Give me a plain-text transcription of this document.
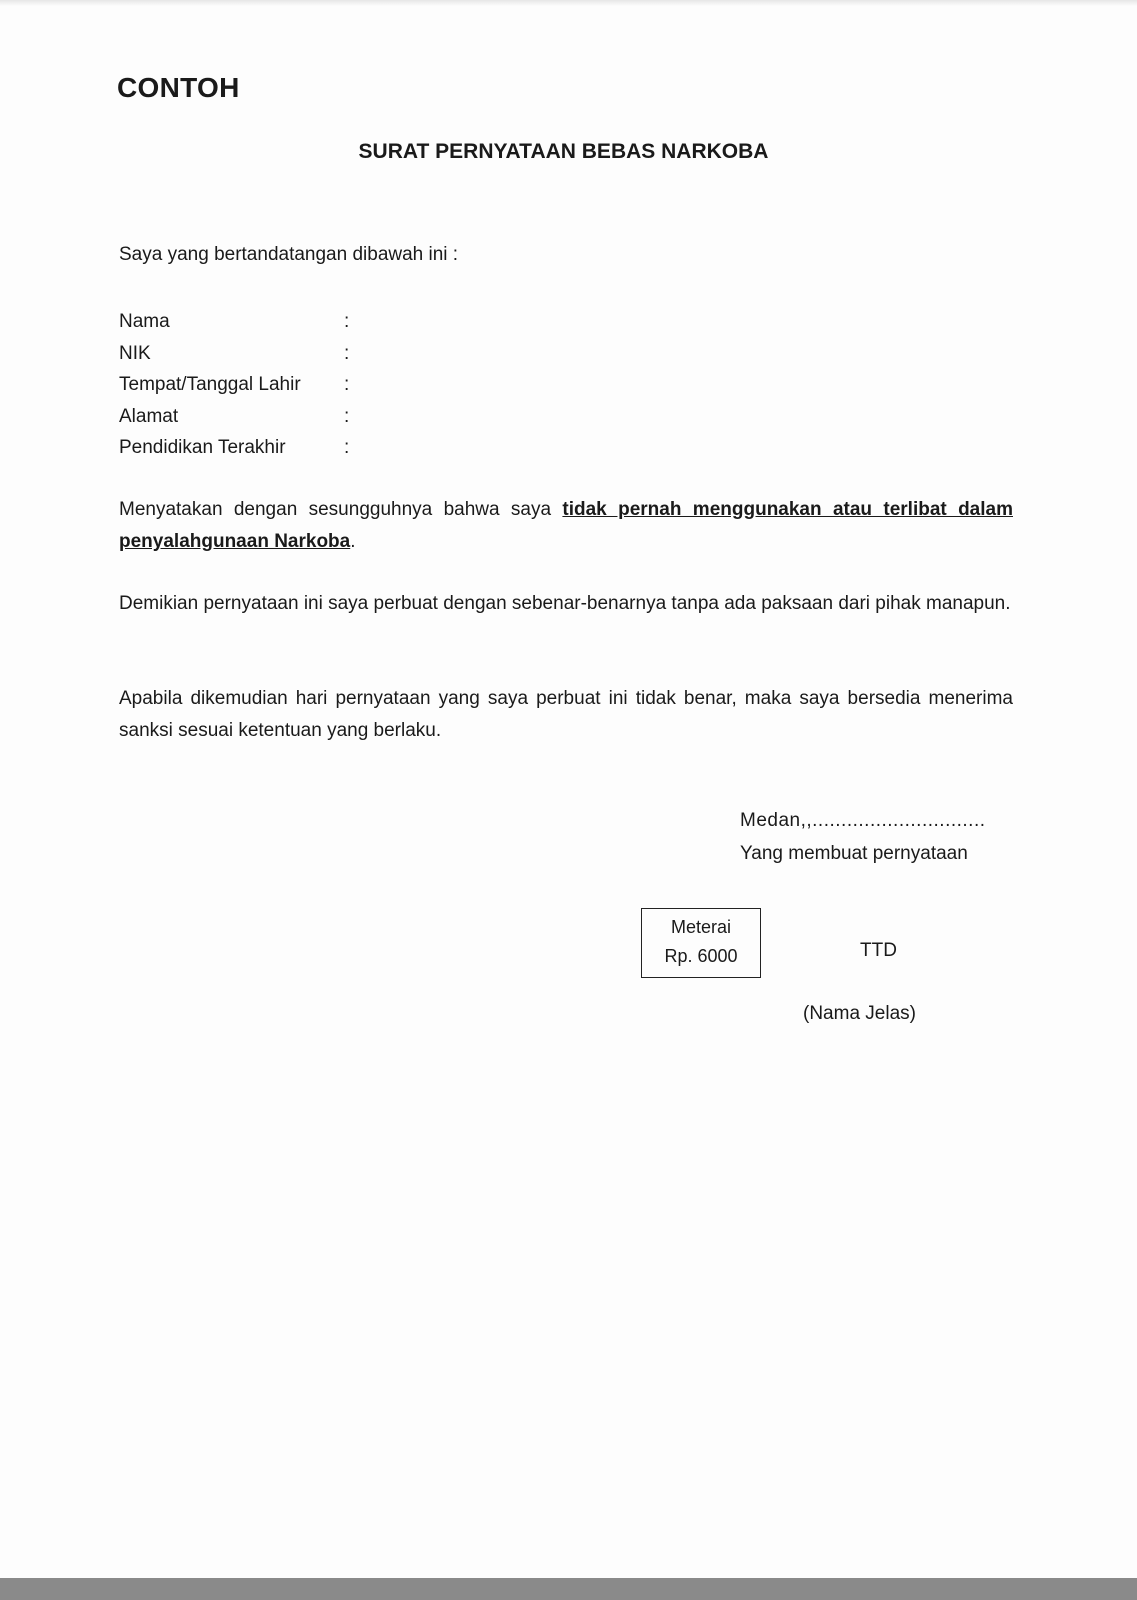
CONTOH
SURAT PERNYATAAN BEBAS NARKOBA
Saya yang bertandatangan dibawah ini :
Nama	:
NIK	:
Tempat/Tanggal Lahir	:
Alamat	:
Pendidikan Terakhir	:
Menyatakan dengan sesungguhnya bahwa saya tidak pernah menggunakan atau terlibat dalam penyalahgunaan Narkoba.
Demikian pernyataan ini saya perbuat dengan sebenar-benarnya tanpa ada paksaan dari pihak manapun.
Apabila dikemudian hari pernyataan yang saya perbuat ini tidak benar, maka saya bersedia menerima sanksi sesuai ketentuan yang berlaku.
Medan,,..............................
Yang membuat pernyataan
Meterai
Rp. 6000	TTD
(Nama Jelas)
